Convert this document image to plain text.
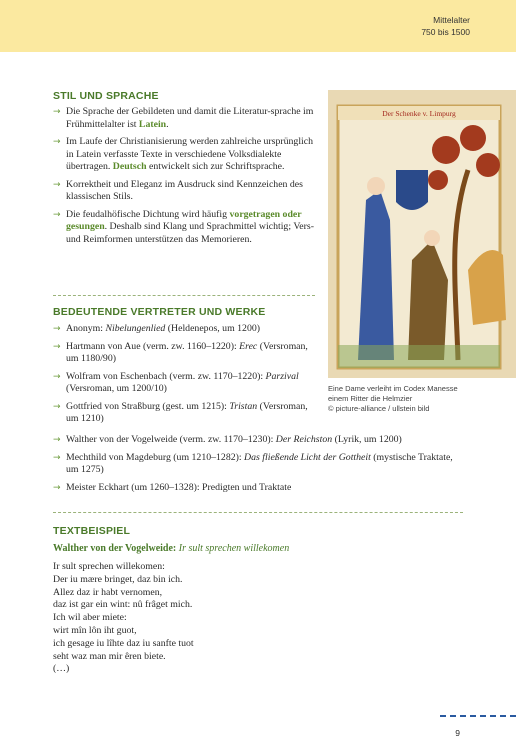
Mittelalter
750 bis 1500
STIL UND SPRACHE
→ Die Sprache der Gebildeten und damit die Literatur-sprache im Frühmittelalter ist Latein.
→ Im Laufe der Christianisierung werden zahlreiche ursprünglich in Latein verfasste Texte in verschiedene Volksdialekte übertragen. Deutsch entwickelt sich zur Schriftsprache.
→ Korrektheit und Eleganz im Ausdruck sind Kennzeichen des klassischen Stils.
→ Die feudalhöfische Dichtung wird häufig vorgetragen oder gesungen. Deshalb sind Klang und Sprachmittel wichtig; Vers- und Reimformen unterstützen das Memorieren.
BEDEUTENDE VERTRETER UND WERKE
→ Anonym: Nibelungenlied (Heldenepos, um 1200)
→ Hartmann von Aue (verm. zw. 1160–1220): Erec (Versroman, um 1180/90)
→ Wolfram von Eschenbach (verm. zw. 1170–1220): Parzival (Versroman, um 1200/10)
→ Gottfried von Straßburg (gest. um 1215): Tristan (Versroman, um 1210)
→ Walther von der Vogelweide (verm. zw. 1170–1230): Der Reichston (Lyrik, um 1200)
→ Mechthild von Magdeburg (um 1210–1282): Das fließende Licht der Gottheit (mystische Traktate, um 1275)
→ Meister Eckhart (um 1260–1328): Predigten und Traktate
TEXTBEISPIEL
Walther von der Vogelweide: Ir sult sprechen willekomen
Ir sult sprechen willekomen:
Der iu mære bringet, daz bin ich.
Allez daz ir habt vernomen,
daz ist gar ein wint: nû frâget mich.
Ich wil aber miete:
wirt mîn lôn iht guot,
ich gesage iu lîhte daz iu sanfte tuot
seht waz man mir êren biete.
(…)
Der Schenke v. Limpurg
Eine Dame verleiht im Codex Manesse
einem Ritter die Helmzier
© picture-alliance / ullstein bild
9
